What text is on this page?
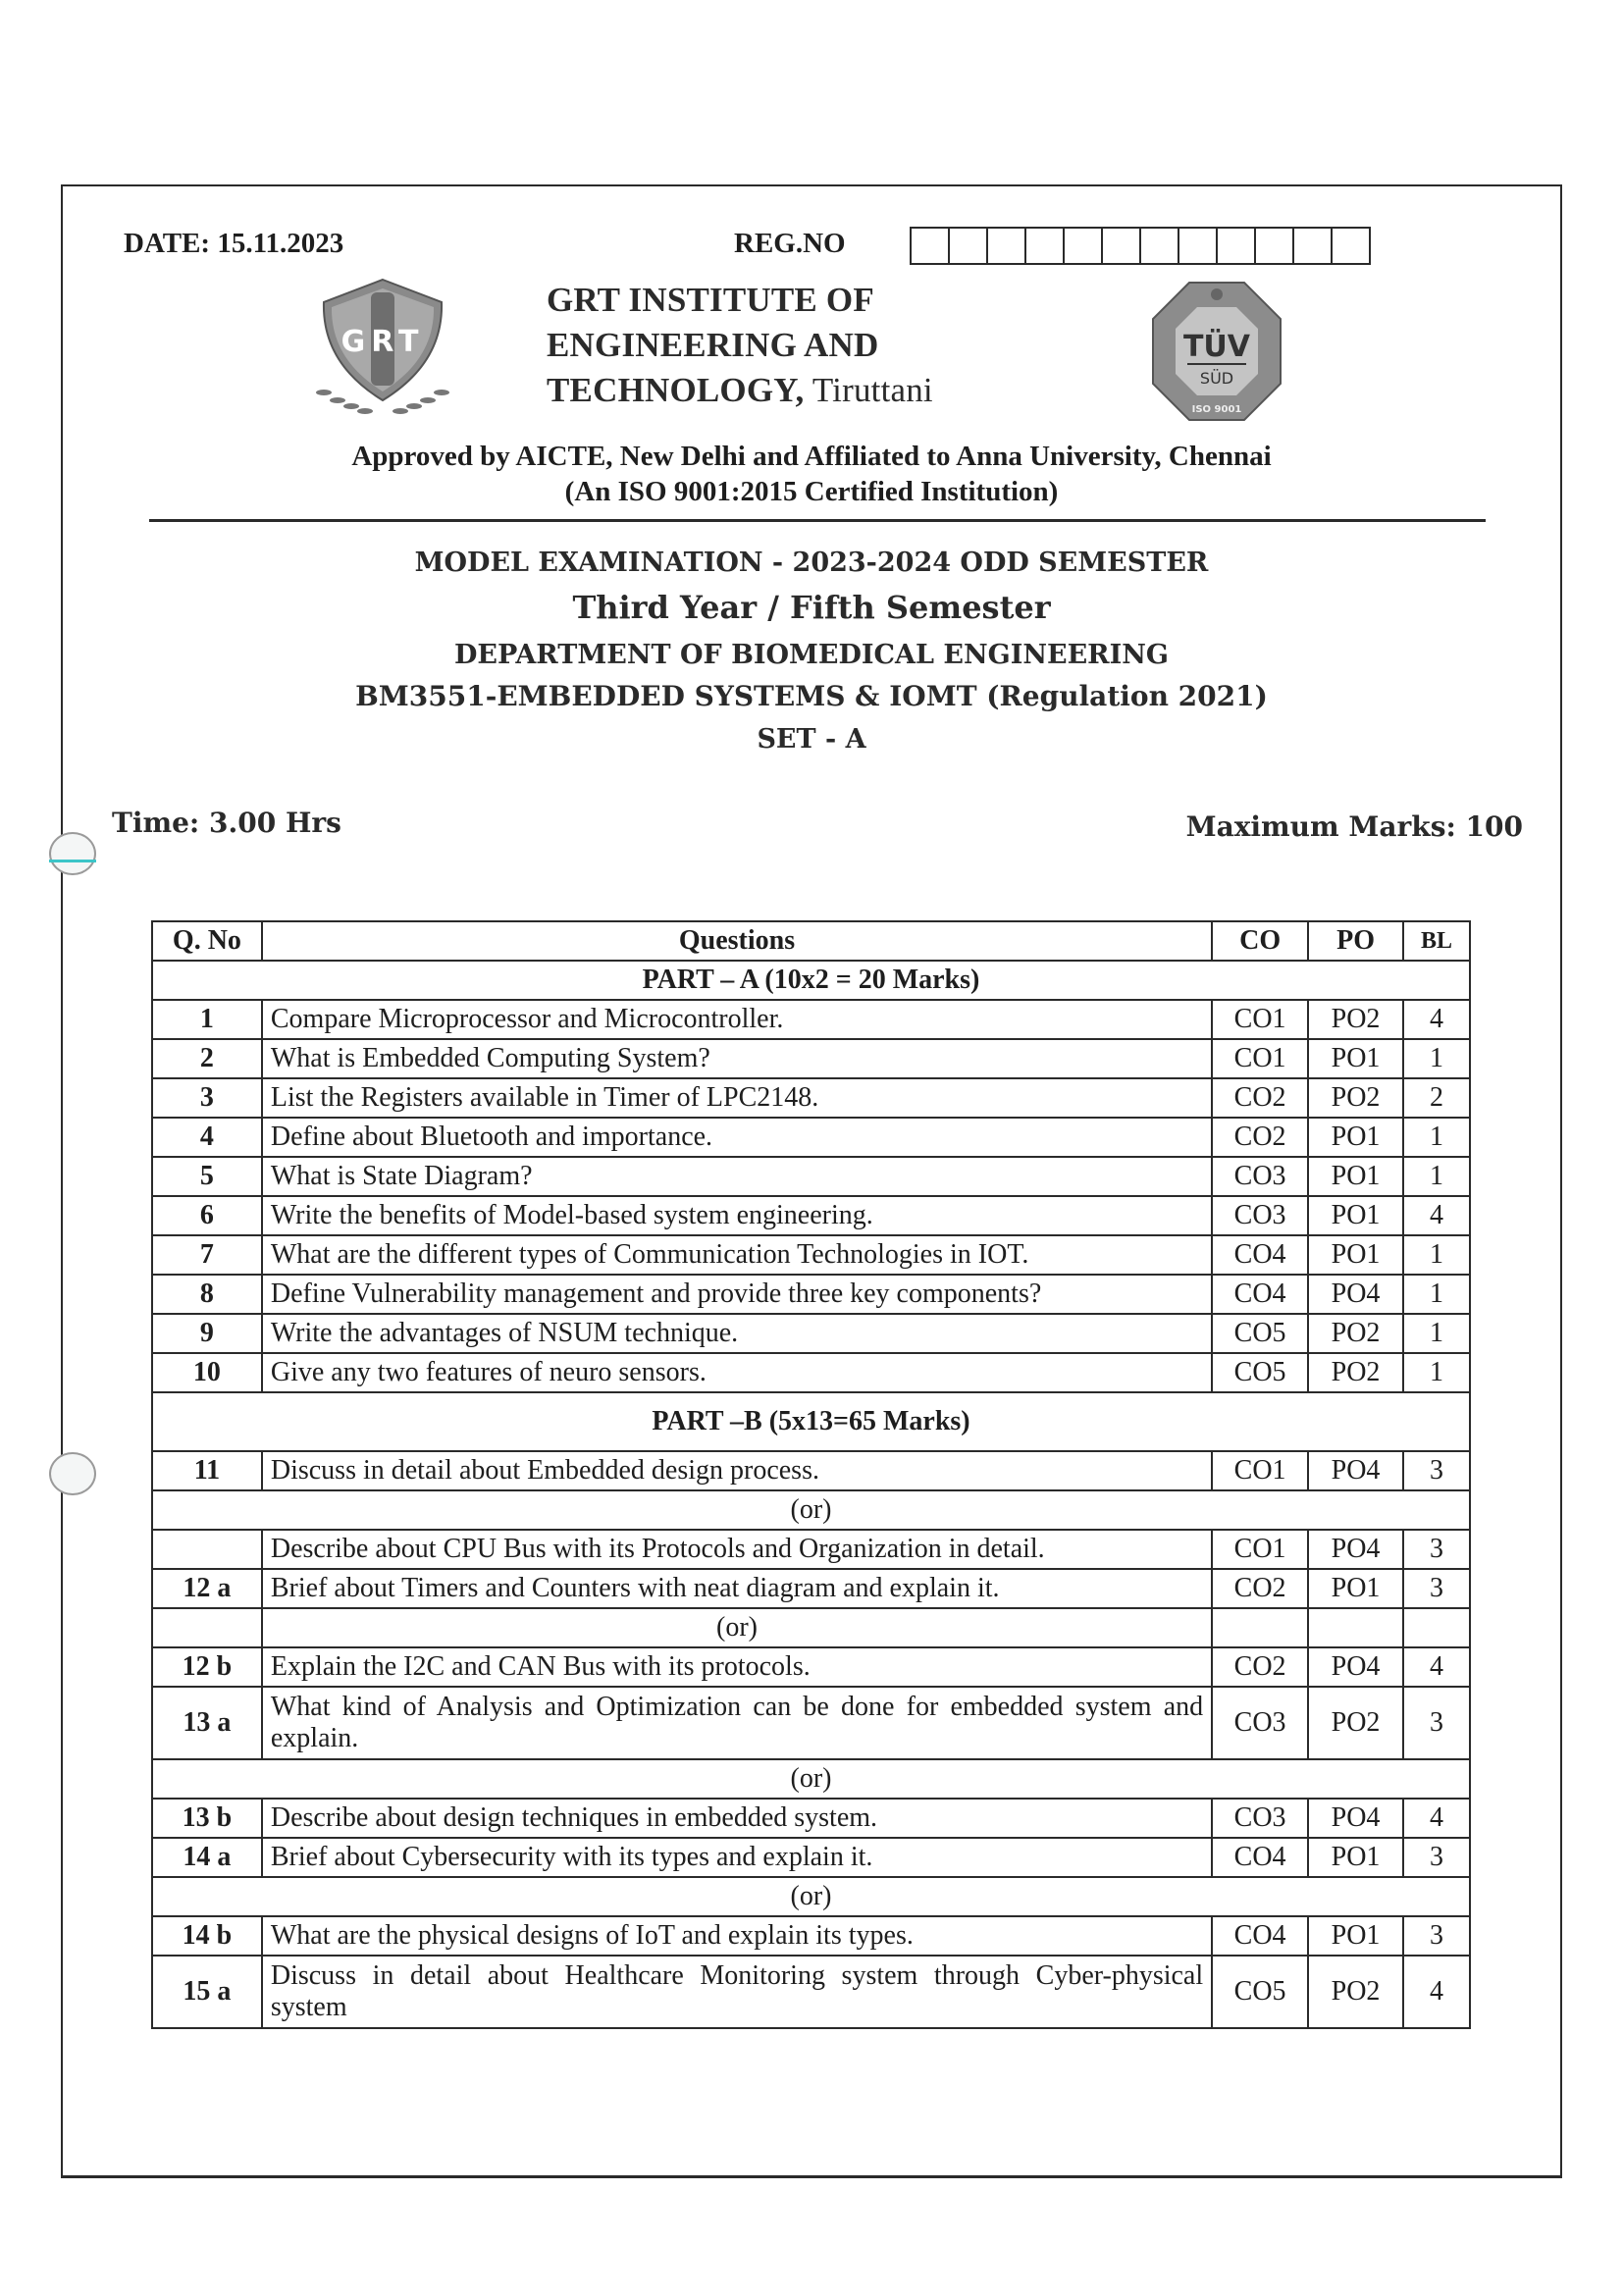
DATE: 15.11.2023	REG.NO
GRT
GRT INSTITUTE OF
ENGINEERING AND
TECHNOLOGY, Tiruttani
TÜV
SÜD
ISO 9001
Approved by AICTE, New Delhi and Affiliated to Anna University, Chennai
(An ISO 9001:2015 Certified Institution)
MODEL EXAMINATION - 2023-2024 ODD SEMESTER
Third Year / Fifth Semester
DEPARTMENT OF BIOMEDICAL ENGINEERING
BM3551-EMBEDDED SYSTEMS & IOMT (Regulation 2021)
SET - A
Time: 3.00 Hrs	Maximum Marks: 100
Q. No	Questions	CO	PO	BL
PART – A (10x2 = 20 Marks)				
1	Compare Microprocessor and Microcontroller.	CO1	PO2	4
2	What is Embedded Computing System?	CO1	PO1	1
3	List the Registers available in Timer of LPC2148.	CO2	PO2	2
4	Define about Bluetooth and importance.	CO2	PO1	1
5	What is State Diagram?	CO3	PO1	1
6	Write the benefits of Model-based system engineering.	CO3	PO1	4
7	What are the different types of Communication Technologies in IOT.	CO4	PO1	1
8	Define Vulnerability management and provide three key components?	CO4	PO4	1
9	Write the advantages of NSUM technique.	CO5	PO2	1
10	Give any two features of neuro sensors.	CO5	PO2	1
PART –B (5x13=65 Marks)				
11	Discuss in detail about Embedded design process.	CO1	PO4	3
(or)				
	Describe about CPU Bus with its Protocols and Organization in detail.	CO1	PO4	3
12 a	Brief about Timers and Counters with neat diagram and explain it.	CO2	PO1	3
	(or)			
12 b	Explain the I2C and CAN Bus with its protocols.	CO2	PO4	4
13 a	What kind of Analysis and Optimization can be done for embedded system and explain.	CO3	PO2	3
(or)				
13 b	Describe about design techniques in embedded system.	CO3	PO4	4
14 a	Brief about Cybersecurity with its types and explain it.	CO4	PO1	3
(or)				
14 b	What are the physical designs of IoT and explain its types.	CO4	PO1	3
15 a	Discuss in detail about Healthcare Monitoring system through Cyber-physical system	CO5	PO2	4
